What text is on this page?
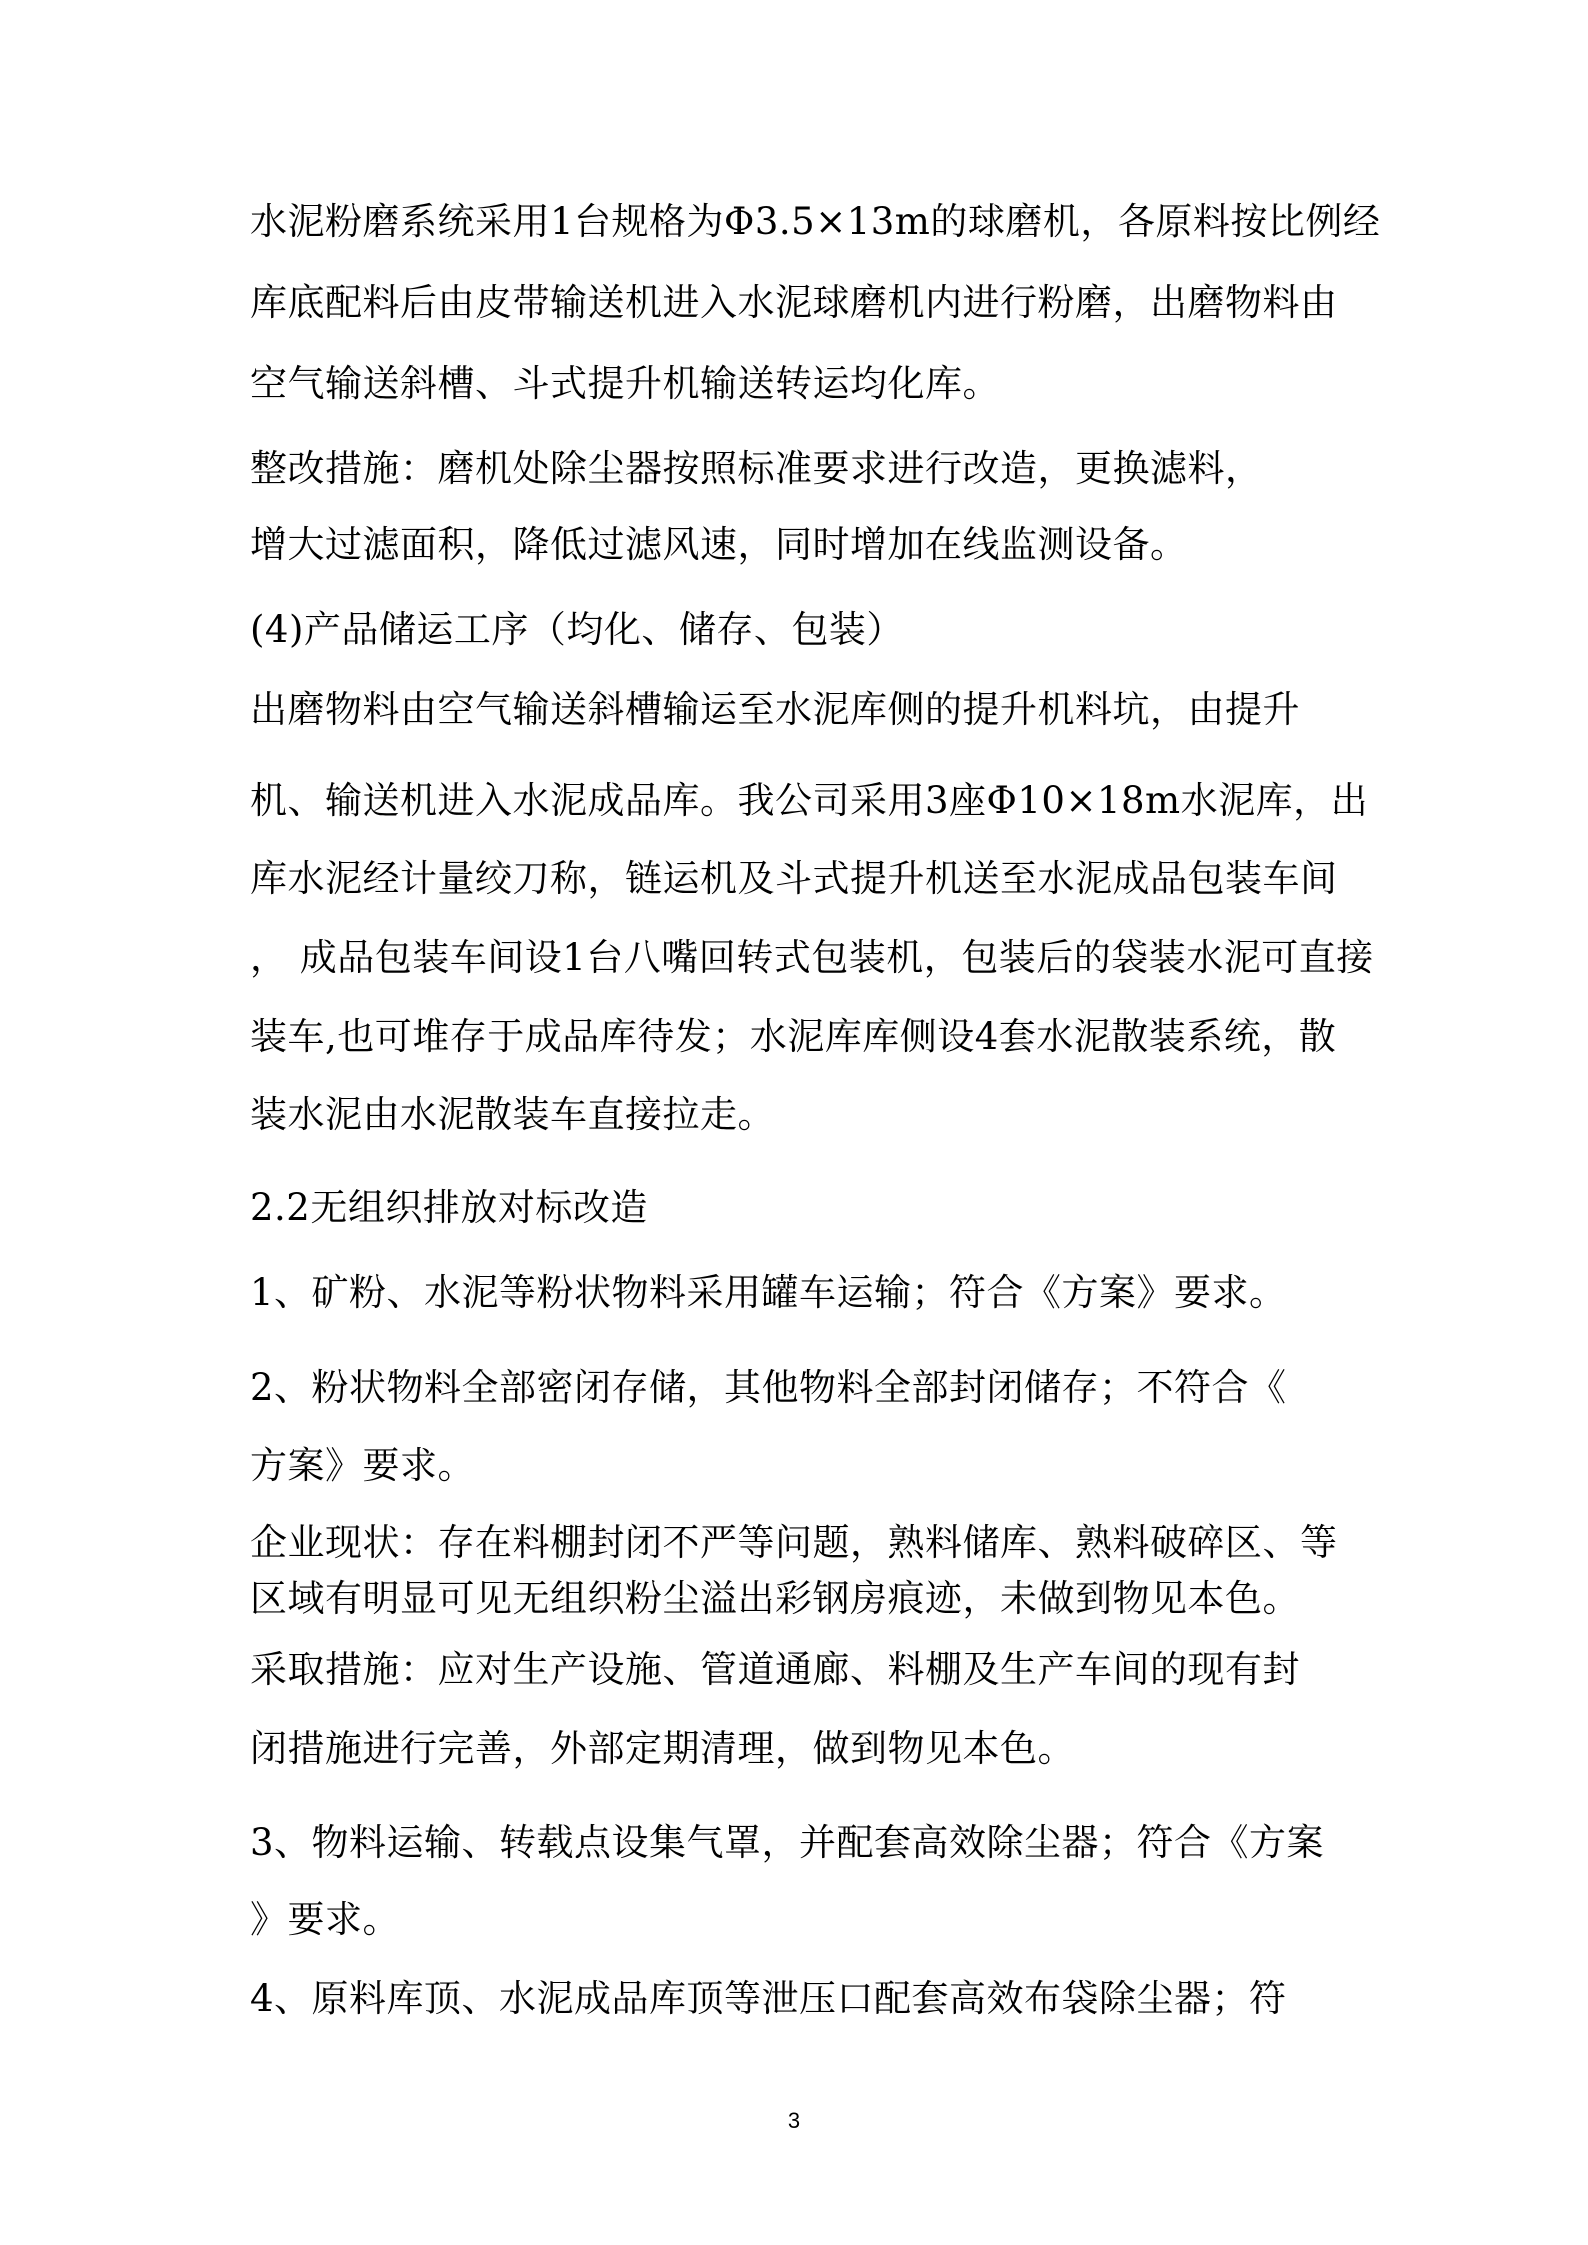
水泥粉磨系统采用1台规格为Φ3.5×13m的球磨机，各原料按比例经
库底配料后由皮带输送机进入水泥球磨机内进行粉磨，出磨物料由
空气输送斜槽、斗式提升机输送转运均化库。
整改措施：磨机处除尘器按照标准要求进行改造，更换滤料，
增大过滤面积，降低过滤风速，同时增加在线监测设备。
(4)产品储运工序（均化、储存、包装）
出磨物料由空气输送斜槽输运至水泥库侧的提升机料坑，由提升
机、输送机进入水泥成品库。我公司采用3座Φ10×18m水泥库，出
库水泥经计量绞刀称，链运机及斗式提升机送至水泥成品包装车间
， 成品包装车间设1台八嘴回转式包装机，包装后的袋装水泥可直接
装车,也可堆存于成品库待发；水泥库库侧设4套水泥散装系统，散
装水泥由水泥散装车直接拉走。
2.2无组织排放对标改造
1、矿粉、水泥等粉状物料采用罐车运输；符合《方案》要求。
2、粉状物料全部密闭存储，其他物料全部封闭储存；不符合《
方案》要求。
企业现状：存在料棚封闭不严等问题，熟料储库、熟料破碎区、等
区域有明显可见无组织粉尘溢出彩钢房痕迹，未做到物见本色。
采取措施：应对生产设施、管道通廊、料棚及生产车间的现有封
闭措施进行完善，外部定期清理，做到物见本色。
3、物料运输、转载点设集气罩，并配套高效除尘器；符合《方案
》要求。
4、原料库顶、水泥成品库顶等泄压口配套高效布袋除尘器；符
3
